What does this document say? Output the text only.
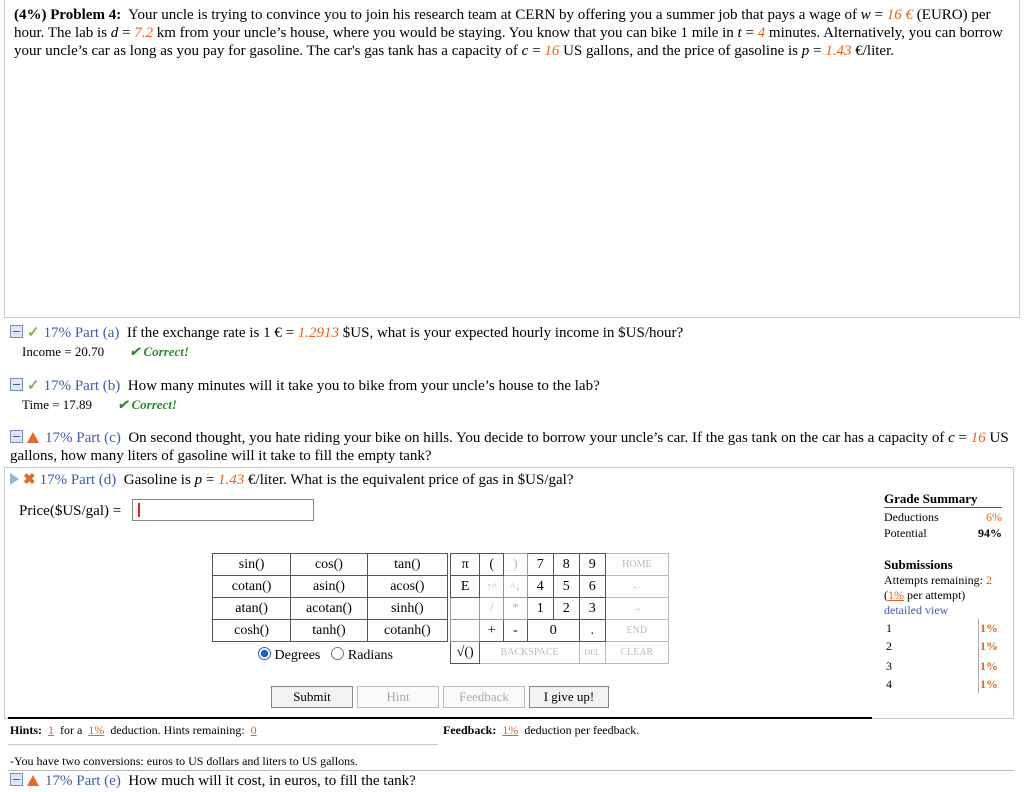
(4%) Problem 4: Your uncle is trying to convince you to join his research team at CERN by offering you a summer job that pays a wage of w = 16 € (EURO) per hour. The lab is d = 7.2 km from your uncle’s house, where you would be staying. You know that you can bike 1 mile in t = 4 minutes. Alternatively, you can borrow your uncle’s car as long as you pay for gasoline. The car's gas tank has a capacity of c = 16 US gallons, and the price of gasoline is p = 1.43 €/liter.
✓ 17% Part (a) If the exchange rate is 1 € = 1.2913 $US, what is your expected hourly income in $US/hour?
Income = 20.70 ✔ Correct!
✓ 17% Part (b) How many minutes will it take you to bike from your uncle’s house to the lab?
Time = 17.89 ✔ Correct!
17% Part (c) On second thought, you hate riding your bike on hills. You decide to borrow your uncle’s car. If the gas tank on the car has a capacity of c = 16 US gallons, how many liters of gasoline will it take to fill the empty tank?
✖ 17% Part (d) Gasoline is p = 1.43 €/liter. What is the equivalent price of gas in $US/gal?
Price($US/gal) =
sin()	cos()	tan()
cotan()	asin()	acos()
atan()	acotan()	sinh()
cosh()	tanh()	cotanh()
Degrees Radians
π	(	)	7	8	9	HOME
E	↑^	^↓	4	5	6	←
	/	*	1	2	3	→
	+	-	0		.	END
√()	BACKSPACE				DEL	CLEAR
Submit	Hint	Feedback	I give up!
Grade Summary
Deductions	6%
Potential	94%
Submissions
Attempts remaining: 2
(1% per attempt)
detailed view
1	1%
2	1%
3	1%
4	1%
Hints: 1 for a 1% deduction. Hints remaining: 0	Feedback: 1% deduction per feedback.
-You have two conversions: euros to US dollars and liters to US gallons.
17% Part (e) How much will it cost, in euros, to fill the tank?
